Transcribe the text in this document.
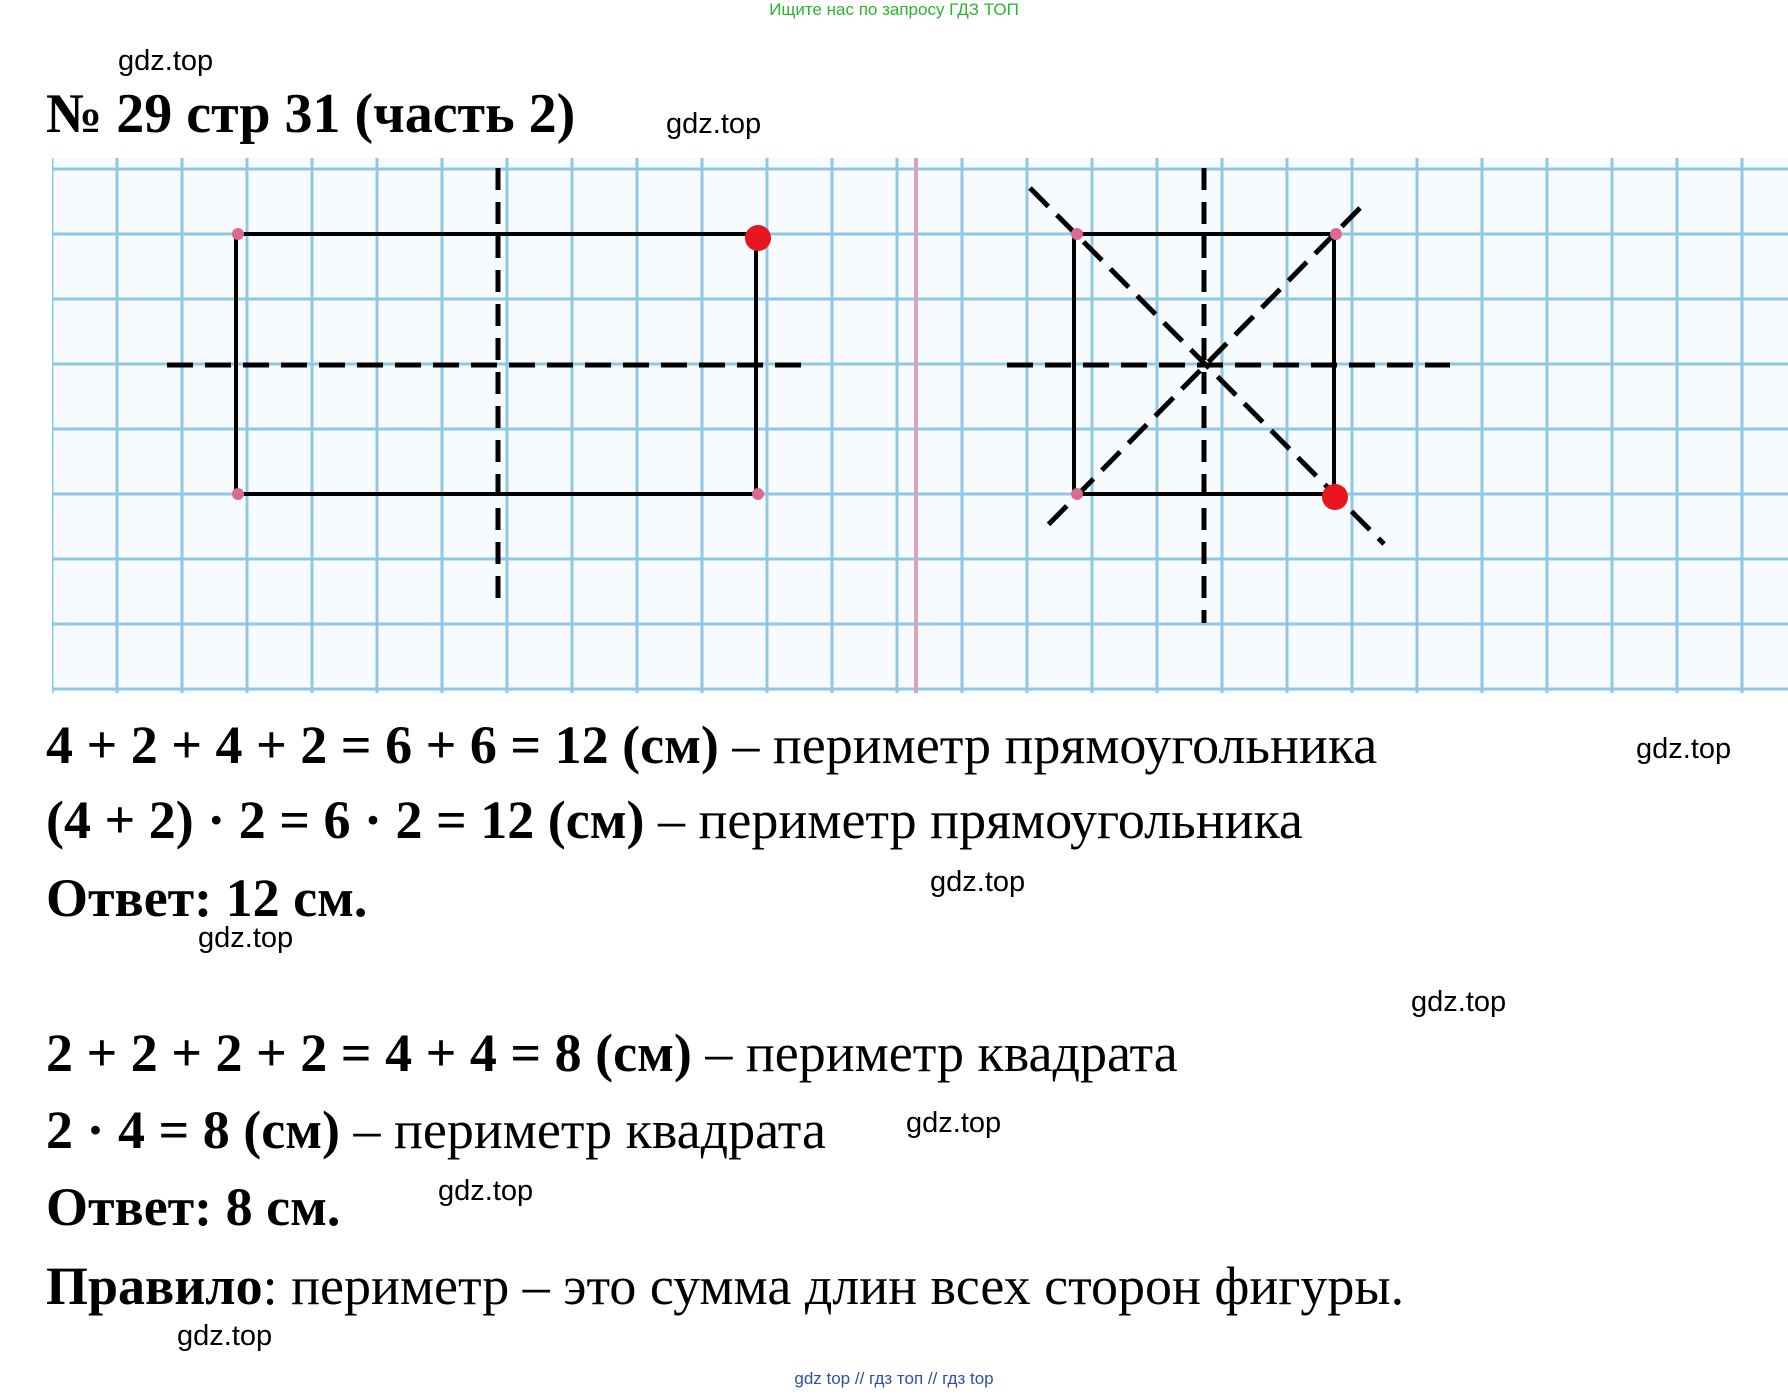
Ищите нас по запросу ГДЗ ТОП
№ 29 стр 31 (часть 2)
gdz.top
gdz.top
gdz.top
gdz.top
gdz.top
gdz.top
gdz.top
gdz.top
gdz.top
4 + 2 + 4 + 2 = 6 + 6 = 12 (см) – периметр прямоугольника
(4 + 2) · 2 = 6 · 2 = 12 (см) – периметр прямоугольника
Ответ: 12 см.
2 + 2 + 2 + 2 = 4 + 4 = 8 (см) – периметр квадрата
2 · 4 = 8 (см) – периметр квадрата
Ответ: 8 см.
Правило: периметр – это сумма длин всех сторон фигуры.
gdz top // гдз топ // гдз top
